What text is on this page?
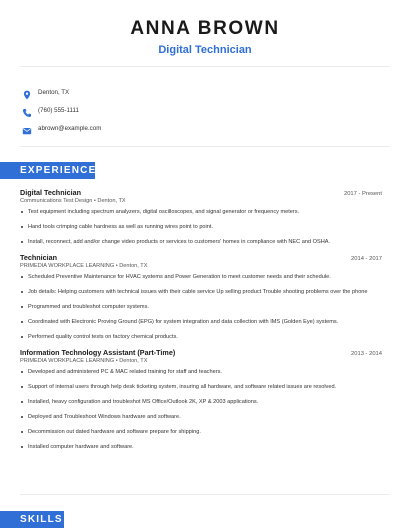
ANNA BROWN
Digital Technician
Denton, TX
(760) 555-1111
abrown@example.com
EXPERIENCE
Digital Technician	2017 - Present
Communications Test Design • Denton, TX
Test equipment including spectrum analyzers, digital oscilloscopes, and signal generator or frequency meters.
Hand tools crimping cable hardness as well as running wires point to point.
Install, reconnect, add and/or change video products or services to customers' homes in compliance with NEC and OSHA.
Technician	2014 - 2017
PRIMEDIA WORKPLACE LEARNING • Denton, TX
Scheduled Preventive Maintenance for HVAC systems and Power Generation to meet customer needs and their schedule.
Job details: Helping customers with technical issues with their cable service Up selling product Trouble shooting problems over the phone
Programmed and troubleshot computer systems.
Coordinated with Electronic Proving Ground (EPG) for system integration and data collection with IMS (Golden Eye) systems.
Performed quality control tests on factory chemical products.
Information Technology Assistant (Part-Time)	2013 - 2014
PRIMEDIA WORKPLACE LEARNING • Denton, TX
Developed and administered PC & MAC related training for staff and teachers.
Support of internal users through help desk ticketing system, insuring all hardware, and software related issues are resolved.
Installed, heavy configuration and troubleshot MS Office/Outlook 2K, XP & 2003 applications.
Deployed and Troubleshoot Windows hardware and software.
Decommission out dated hardware and software prepare for shipping.
Installed computer hardware and software.
SKILLS
